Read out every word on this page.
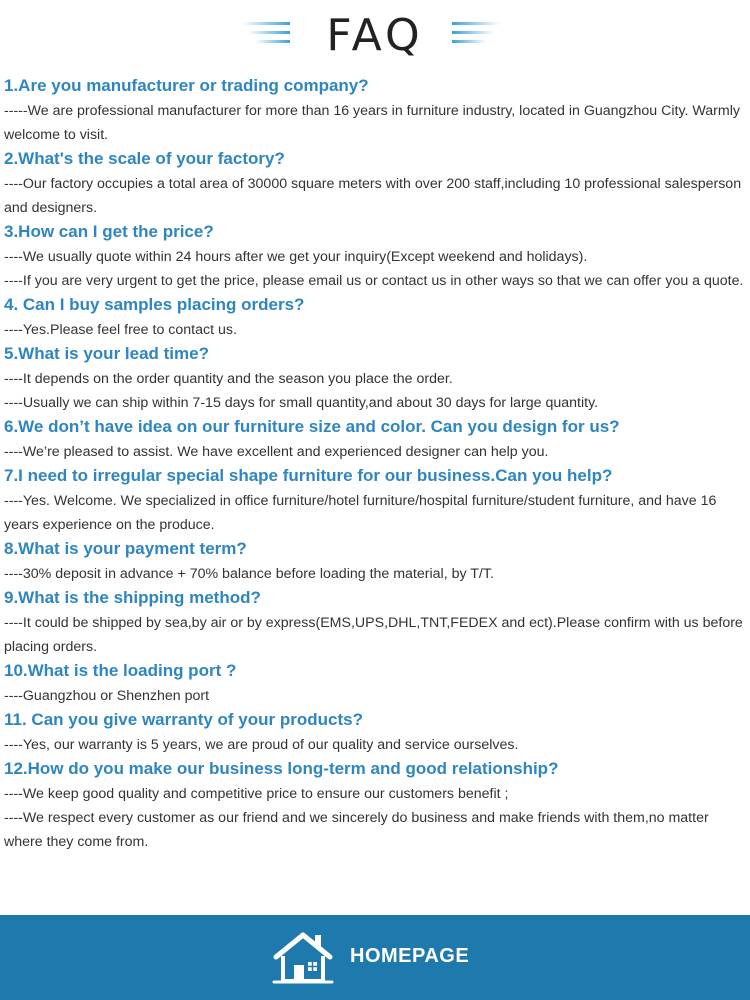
FAQ
1.Are you manufacturer or trading company?
-----We are professional manufacturer for more than 16 years in furniture industry, located in Guangzhou City. Warmly welcome to visit.
2.What's the scale of your factory?
----Our factory occupies a total area of 30000 square meters with over 200 staff,including 10 professional salesperson and designers.
3.How can I get the price?
----We usually quote within 24 hours after we get your inquiry(Except weekend and holidays).
----If you are very urgent to get the price, please email us or contact us in other ways so that we can offer you a quote.
4. Can I buy samples placing orders?
----Yes.Please feel free to contact us.
5.What is your lead time?
----It depends on the order quantity and the season you place the order.
----Usually we can ship within 7-15 days for small quantity,and about 30 days for large quantity.
6.We don’t have idea on our furniture size and color. Can you design for us?
----We’re pleased to assist. We have excellent and experienced designer can help you.
7.I need to irregular special shape furniture for our business.Can you help?
----Yes. Welcome. We specialized in office furniture/hotel furniture/hospital furniture/student furniture, and have 16 years experience on the produce.
8.What is your payment term?
----30% deposit in advance + 70% balance before loading the material, by T/T.
9.What is the shipping method?
----It could be shipped by sea,by air or by express(EMS,UPS,DHL,TNT,FEDEX and ect).Please confirm with us before placing orders.
10.What is the loading port ?
----Guangzhou or Shenzhen port
11. Can you give warranty of your products?
----Yes, our warranty is 5 years, we are proud of our quality and service ourselves.
12.How do you make our business long-term and good relationship?
----We keep good quality and competitive price to ensure our customers benefit ;
----We respect every customer as our friend and we sincerely do business and make friends with them,no matter where they come from.
HOMEPAGE
